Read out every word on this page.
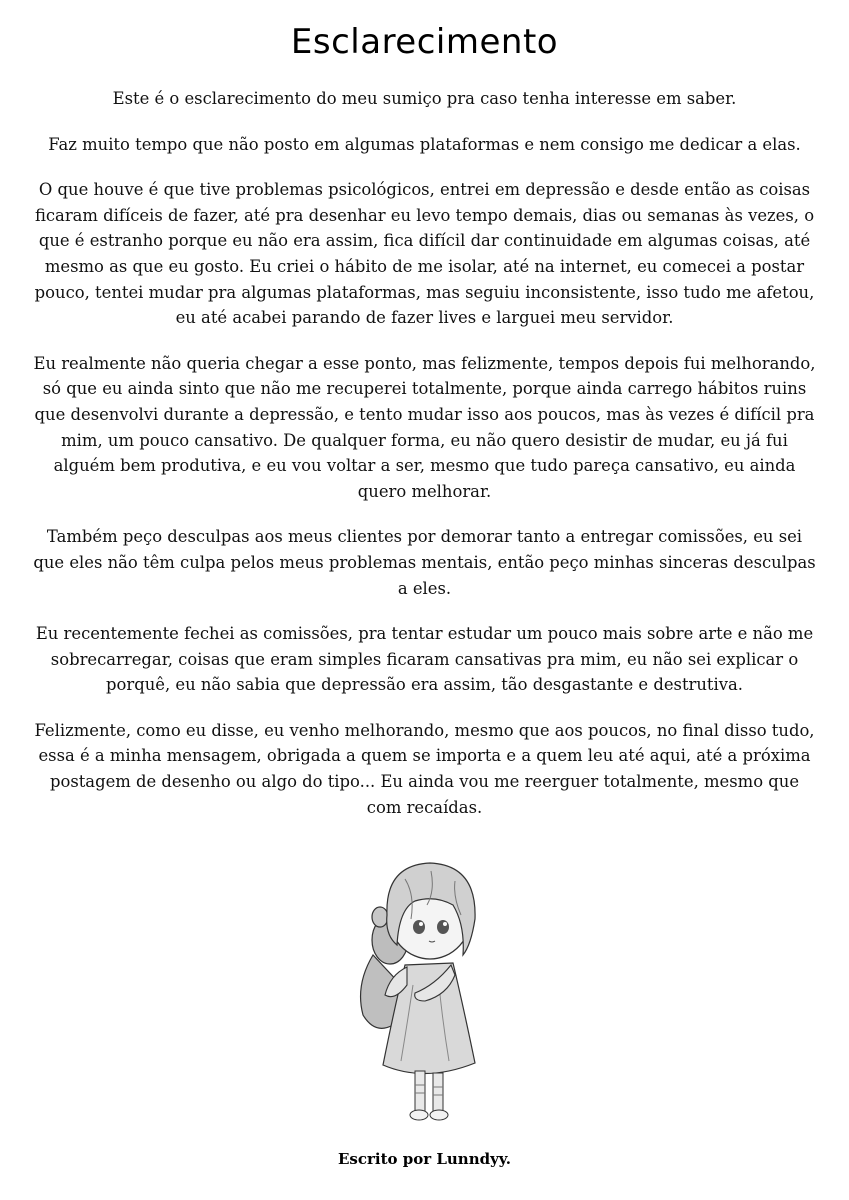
Esclarecimento

Este é o esclarecimento do meu sumiço pra caso tenha interesse em saber.

Faz muito tempo que não posto em algumas plataformas e nem consigo me dedicar a elas.

O que houve é que tive problemas psicológicos, entrei em depressão e desde então as coisas ficaram difíceis de fazer, até pra desenhar eu levo tempo demais, dias ou semanas às vezes, o que é estranho porque eu não era assim, fica difícil dar continuidade em algumas coisas, até mesmo as que eu gosto. Eu criei o hábito de me isolar, até na internet, eu comecei a postar pouco, tentei mudar pra algumas plataformas, mas seguiu inconsistente, isso tudo me afetou, eu até acabei parando de fazer lives e larguei meu servidor.

Eu realmente não queria chegar a esse ponto, mas felizmente, tempos depois fui melhorando, só que eu ainda sinto que não me recuperei totalmente, porque ainda carrego hábitos ruins que desenvolvi durante a depressão, e tento mudar isso aos poucos, mas às vezes é difícil pra mim, um pouco cansativo. De qualquer forma, eu não quero desistir de mudar, eu já fui alguém bem produtiva, e eu vou voltar a ser, mesmo que tudo pareça cansativo, eu ainda quero melhorar.

Também peço desculpas aos meus clientes por demorar tanto a entregar comissões, eu sei que eles não têm culpa pelos meus problemas mentais, então peço minhas sinceras desculpas a eles.

Eu recentemente fechei as comissões, pra tentar estudar um pouco mais sobre arte e não me sobrecarregar, coisas que eram simples ficaram cansativas pra mim, eu não sei explicar o porquê, eu não sabia que depressão era assim, tão desgastante e destrutiva.

Felizmente, como eu disse, eu venho melhorando, mesmo que aos poucos, no final disso tudo, essa é a minha mensagem, obrigada a quem se importa e a quem leu até aqui, até a próxima postagem de desenho ou algo do tipo... Eu ainda vou me reerguer totalmente, mesmo que com recaídas.

Escrito por Lunndyy.
